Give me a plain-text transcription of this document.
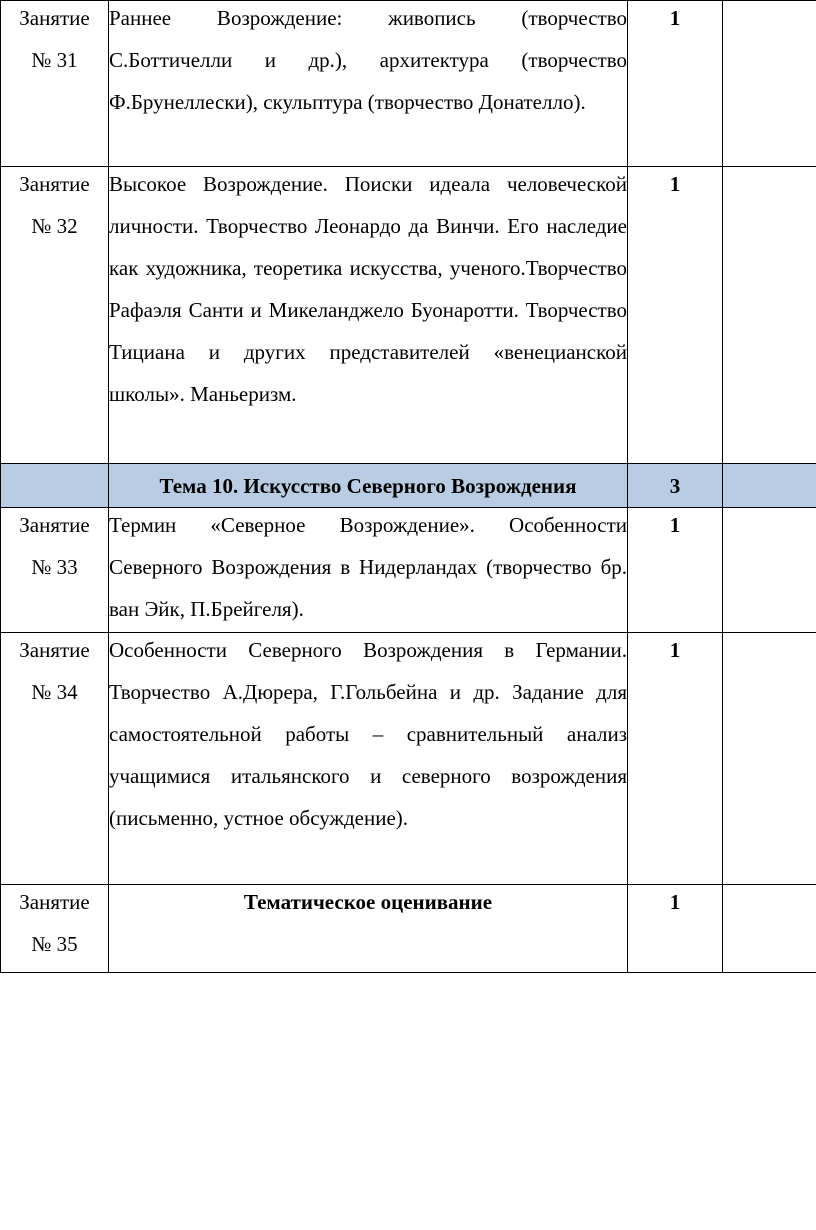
Занятие
№ 31	Раннее Возрождение: живопись (творчество С.Боттичелли и др.), архитектура (творчество Ф.Брунеллески), скульптура (творчество Донателло).	1	

Занятие
№ 32	Высокое Возрождение. Поиски идеала человеческой личности. Творчество Леонардо да Винчи. Его наследие как художника, теоретика искусства, ученого.Творчество Рафаэля Санти и Микеланджело Буонаротти. Творчество Тициана и других представителей «венецианской школы». Маньеризм.	1	

	Тема 10. Искусство Северного Возрождения	3	

Занятие
№ 33	Термин «Северное Возрождение». Особенности Северного Возрождения в Нидерландах (творчество бр. ван Эйк, П.Брейгеля).	1	

Занятие
№ 34	Особенности Северного Возрождения в Германии. Творчество А.Дюрера, Г.Гольбейна и др. Задание для самостоятельной работы – сравнительный анализ учащимися итальянского и северного возрождения (письменно, устное обсуждение).	1	

Занятие
№ 35	Тематическое оценивание	1	
